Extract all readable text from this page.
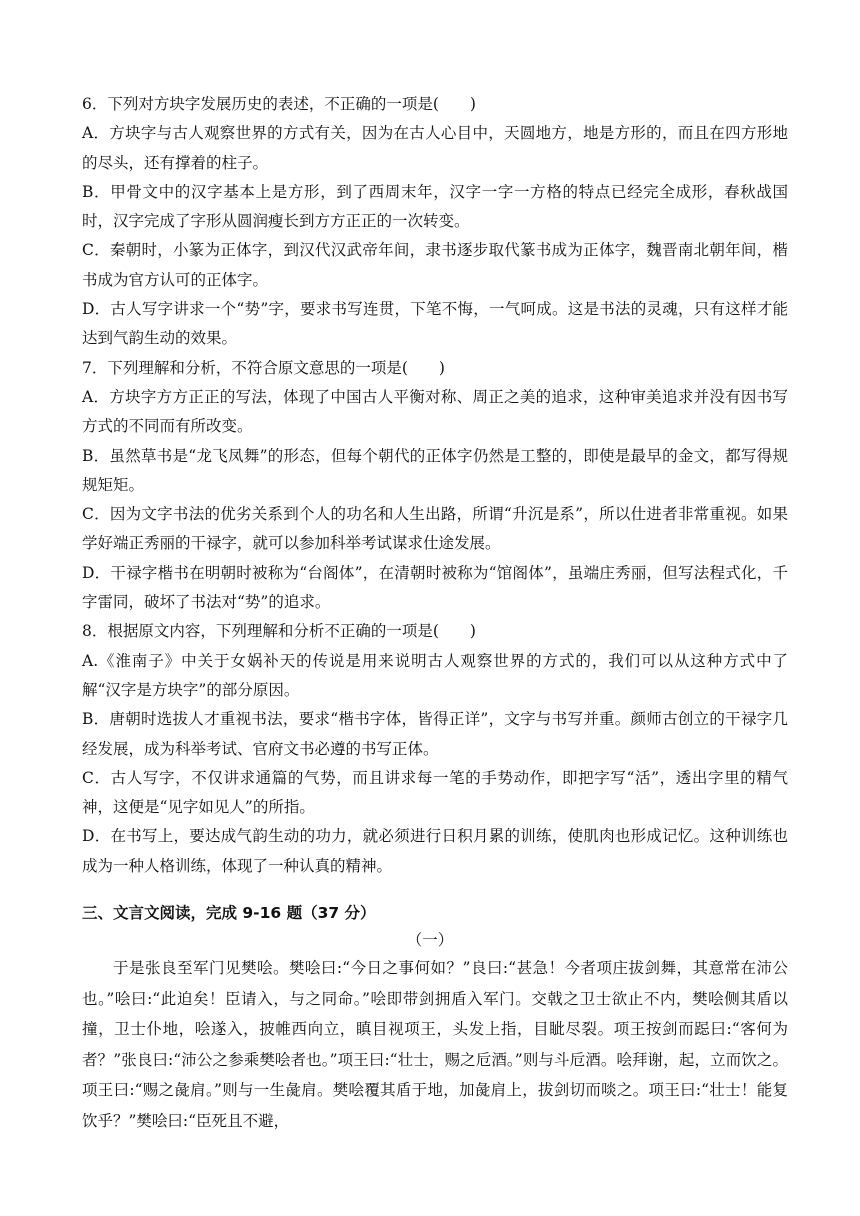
6．下列对方块字发展历史的表述，不正确的一项是(　　)

A．方块字与古人观察世界的方式有关，因为在古人心目中，天圆地方，地是方形的，而且在四方形地的尽头，还有撑着的柱子。

B．甲骨文中的汉字基本上是方形，到了西周末年，汉字一字一方格的特点已经完全成形，春秋战国时，汉字完成了字形从圆润瘦长到方方正正的一次转变。

C．秦朝时，小篆为正体字，到汉代汉武帝年间，隶书逐步取代篆书成为正体字，魏晋南北朝年间，楷书成为官方认可的正体字。

D．古人写字讲求一个“势”字，要求书写连贯，下笔不悔，一气呵成。这是书法的灵魂，只有这样才能达到气韵生动的效果。

7．下列理解和分析，不符合原文意思的一项是(　　)

A．方块字方方正正的写法，体现了中国古人平衡对称、周正之美的追求，这种审美追求并没有因书写方式的不同而有所改变。

B．虽然草书是“龙飞凤舞”的形态，但每个朝代的正体字仍然是工整的，即使是最早的金文，都写得规规矩矩。

C．因为文字书法的优劣关系到个人的功名和人生出路，所谓“升沉是系”，所以仕进者非常重视。如果学好端正秀丽的干禄字，就可以参加科举考试谋求仕途发展。

D．干禄字楷书在明朝时被称为“台阁体”，在清朝时被称为“馆阁体”，虽端庄秀丽，但写法程式化，千字雷同，破坏了书法对“势”的追求。

8．根据原文内容，下列理解和分析不正确的一项是(　　)

A.《淮南子》中关于女娲补天的传说是用来说明古人观察世界的方式的，我们可以从这种方式中了解“汉字是方块字”的部分原因。

B．唐朝时选拔人才重视书法，要求“楷书字体，皆得正详”，文字与书写并重。颜师古创立的干禄字几经发展，成为科举考试、官府文书必遵的书写正体。

C．古人写字，不仅讲求通篇的气势，而且讲求每一笔的手势动作，即把字写“活”，透出字里的精气神，这便是“见字如见人”的所指。

D．在书写上，要达成气韵生动的功力，就必须进行日积月累的训练，使肌肉也形成记忆。这种训练也成为一种人格训练，体现了一种认真的精神。

三、文言文阅读，完成 9-16 题（37 分）
（一）

于是张良至军门见樊哙。樊哙曰:“今日之事何如？”良曰:“甚急！今者项庄拔剑舞，其意常在沛公也。”哙曰:“此迫矣！臣请入，与之同命。”哙即带剑拥盾入军门。交戟之卫士欲止不内，樊哙侧其盾以撞，卫士仆地，哙遂入，披帷西向立，瞋目视项王，头发上指，目眦尽裂。项王按剑而跽曰:“客何为者？”张良曰:“沛公之参乘樊哙者也。”项王曰:“壮士，赐之卮酒。”则与斗卮酒。哙拜谢，起，立而饮之。项王曰:“赐之彘肩。”则与一生彘肩。樊哙覆其盾于地，加彘肩上，拔剑切而啖之。项王曰:“壮士！能复饮乎？”樊哙曰:“臣死且不避，
